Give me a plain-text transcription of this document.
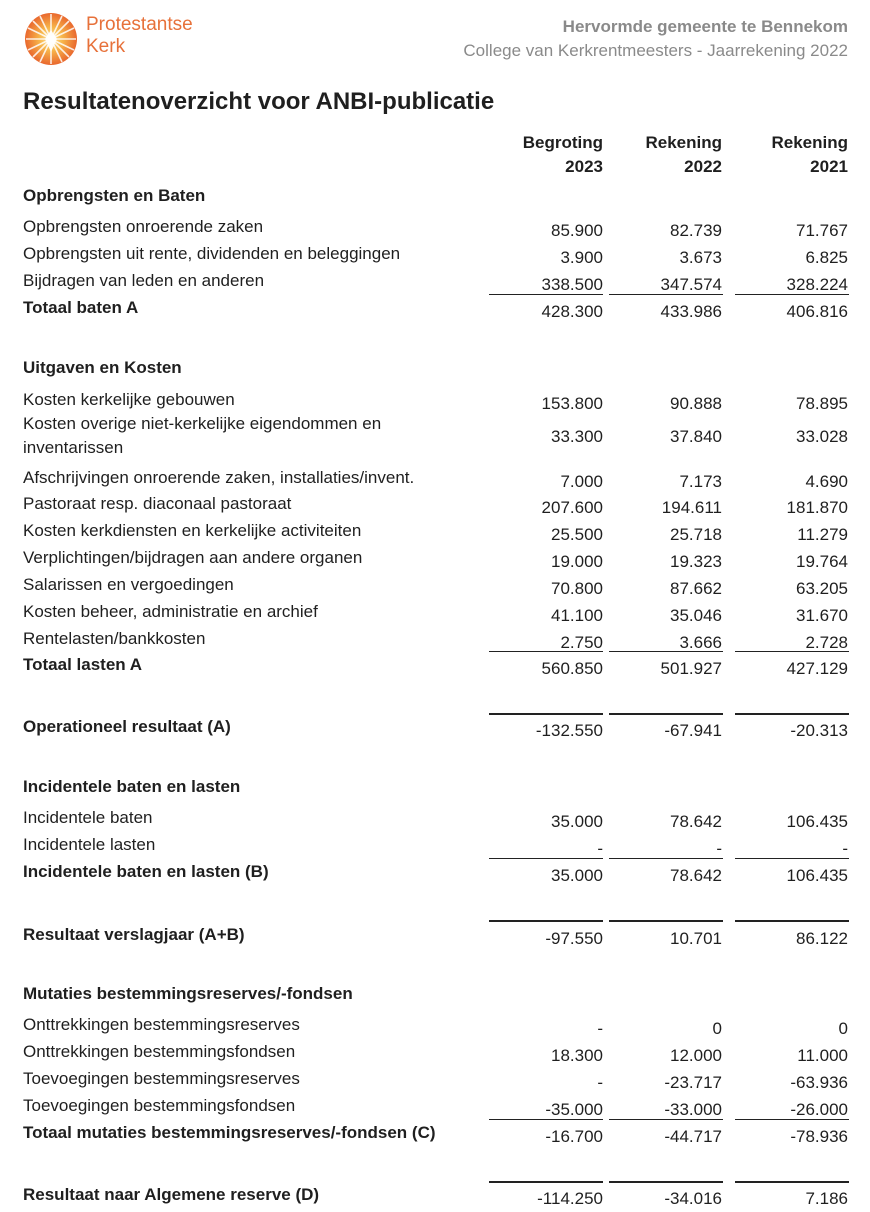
Protestantse
Kerk
Hervormde gemeente te Bennekom
College van Kerkrentmeesters - Jaarrekening 2022
Resultatenoverzicht voor ANBI-publicatie
Begroting
2023
Rekening
2022
Rekening
2021
Opbrengsten en Baten
Opbrengsten onroerende zaken	85.900	82.739	71.767
Opbrengsten uit rente, dividenden en beleggingen	3.900	3.673	6.825
Bijdragen van leden en anderen	338.500	347.574	328.224
Totaal baten A	428.300	433.986	406.816
Uitgaven en Kosten
Kosten kerkelijke gebouwen	153.800	90.888	78.895
Kosten overige niet-kerkelijke eigendommen en inventarissen
33.300	37.840	33.028
Afschrijvingen onroerende zaken, installaties/invent.	7.000	7.173	4.690
Pastoraat resp. diaconaal pastoraat	207.600	194.611	181.870
Kosten kerkdiensten en kerkelijke activiteiten	25.500	25.718	11.279
Verplichtingen/bijdragen aan andere organen	19.000	19.323	19.764
Salarissen en vergoedingen	70.800	87.662	63.205
Kosten beheer, administratie en archief	41.100	35.046	31.670
Rentelasten/bankkosten	2.750	3.666	2.728
Totaal lasten A	560.850	501.927	427.129
Operationeel resultaat (A)	-132.550	-67.941	-20.313
Incidentele baten en lasten
Incidentele baten	35.000	78.642	106.435
Incidentele lasten	-	-	-
Incidentele baten en lasten (B)	35.000	78.642	106.435
Resultaat verslagjaar (A+B)	-97.550	10.701	86.122
Mutaties bestemmingsreserves/-fondsen
Onttrekkingen bestemmingsreserves	-	0	0
Onttrekkingen bestemmingsfondsen	18.300	12.000	11.000
Toevoegingen bestemmingsreserves	-	-23.717	-63.936
Toevoegingen bestemmingsfondsen	-35.000	-33.000	-26.000
Totaal mutaties bestemmingsreserves/-fondsen (C)	-16.700	-44.717	-78.936
Resultaat naar Algemene reserve (D)	-114.250	-34.016	7.186
